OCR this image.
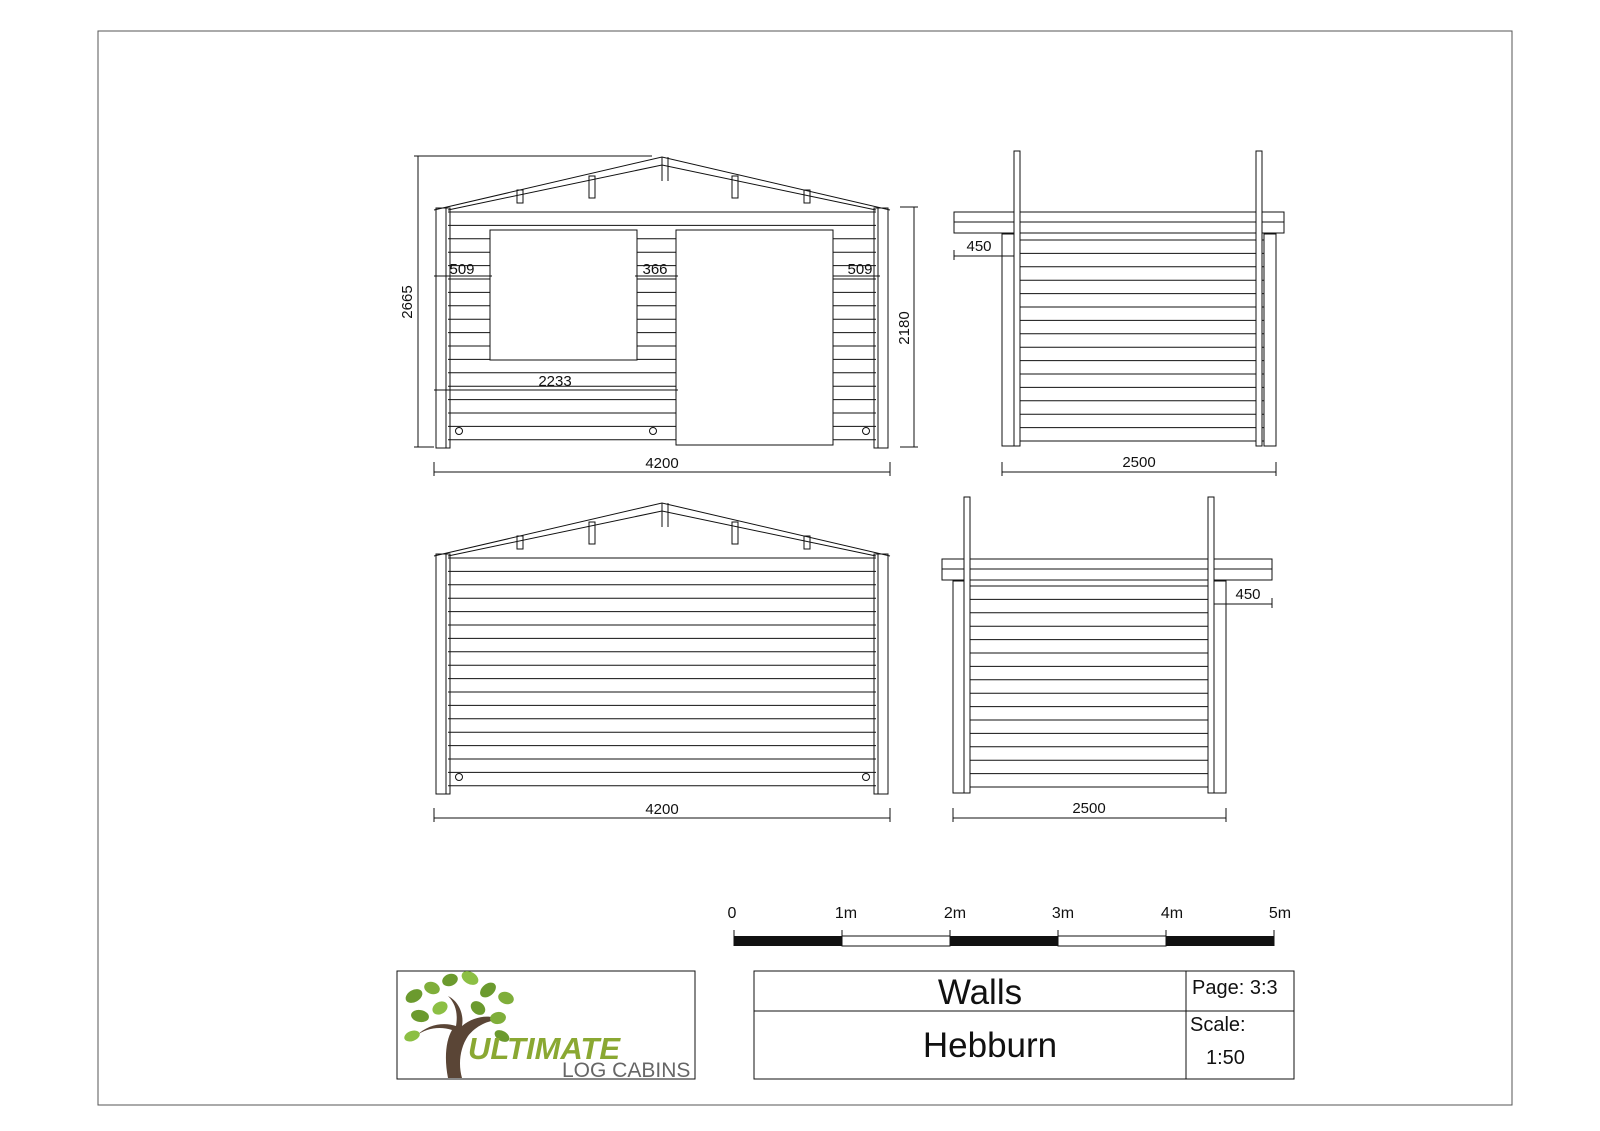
4200
2665
2180
509	366	509
2233
2500
450
4200	2500
450
0	1m	2m	3m	4m	5m
ULTIMATE
LOG CABINS
Walls
Hebburn
Page: 3:3
Scale:
1:50
